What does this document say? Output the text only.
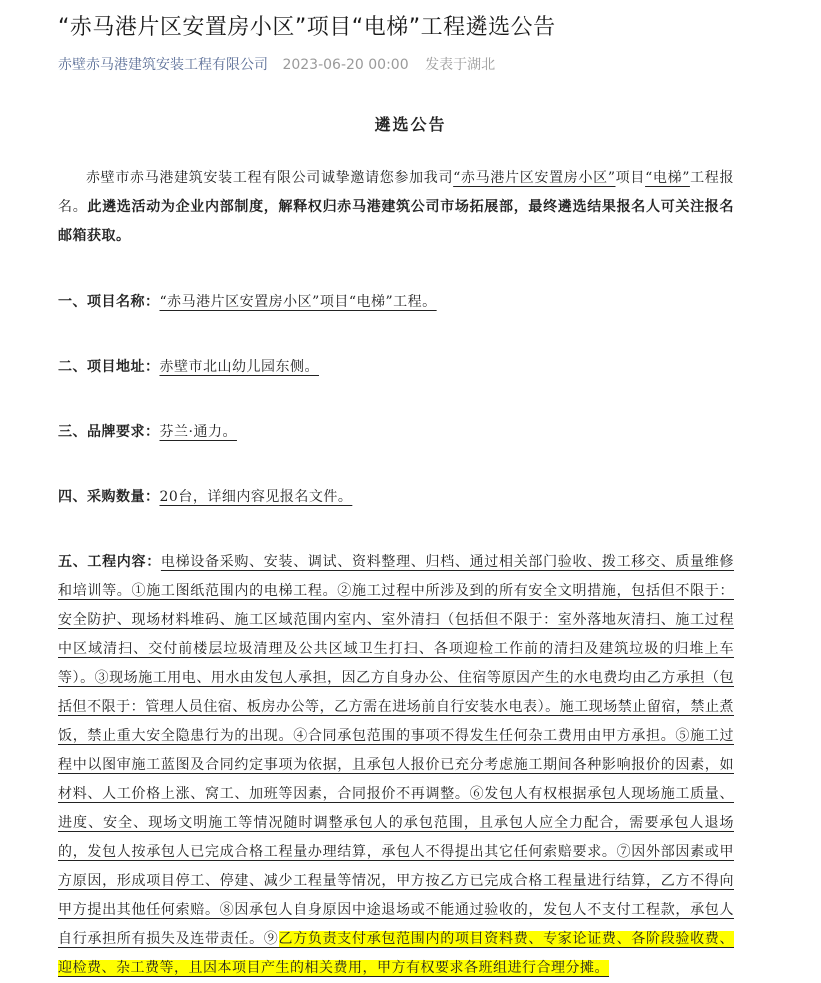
“赤马港片区安置房小区”项目“电梯”工程遴选公告
赤壁赤马港建筑安装工程有限公司 2023-06-20 00:00 发表于湖北
遴选公告

赤壁市赤马港建筑安装工程有限公司诚挚邀请您参加我司“赤马港片区安置房小区”项目“电梯”工程报名。此遴选活动为企业内部制度，解释权归赤马港建筑公司市场拓展部，最终遴选结果报名人可关注报名邮箱获取。

一、项目名称：“赤马港片区安置房小区”项目“电梯”工程。

二、项目地址：赤壁市北山幼儿园东侧。

三、品牌要求：芬兰·通力。

四、采购数量：20台，详细内容见报名文件。

五、工程内容：电梯设备采购、安装、调试、资料整理、归档、通过相关部门验收、拨工移交、质量维修和培训等。①施工图纸范围内的电梯工程。②施工过程中所涉及到的所有安全文明措施，包括但不限于：安全防护、现场材料堆码、施工区域范围内室内、室外清扫（包括但不限于：室外落地灰清扫、施工过程中区域清扫、交付前楼层垃圾清理及公共区域卫生打扫、各项迎检工作前的清扫及建筑垃圾的归堆上车等）。③现场施工用电、用水由发包人承担，因乙方自身办公、住宿等原因产生的水电费均由乙方承担（包括但不限于：管理人员住宿、板房办公等，乙方需在进场前自行安装水电表）。施工现场禁止留宿，禁止煮饭，禁止重大安全隐患行为的出现。④合同承包范围的事项不得发生任何杂工费用由甲方承担。⑤施工过程中以图审施工蓝图及合同约定事项为依据，且承包人报价已充分考虑施工期间各种影响报价的因素，如材料、人工价格上涨、窝工、加班等因素，合同报价不再调整。⑥发包人有权根据承包人现场施工质量、进度、安全、现场文明施工等情况随时调整承包人的承包范围，且承包人应全力配合，需要承包人退场的，发包人按承包人已完成合格工程量办理结算，承包人不得提出其它任何索赔要求。⑦因外部因素或甲方原因，形成项目停工、停建、减少工程量等情况，甲方按乙方已完成合格工程量进行结算，乙方不得向甲方提出其他任何索赔。⑧因承包人自身原因中途退场或不能通过验收的，发包人不支付工程款，承包人自行承担所有损失及连带责任。⑨乙方负责支付承包范围内的项目资料费、专家论证费、各阶段验收费、迎检费、杂工费等，且因本项目产生的相关费用，甲方有权要求各班组进行合理分摊。
